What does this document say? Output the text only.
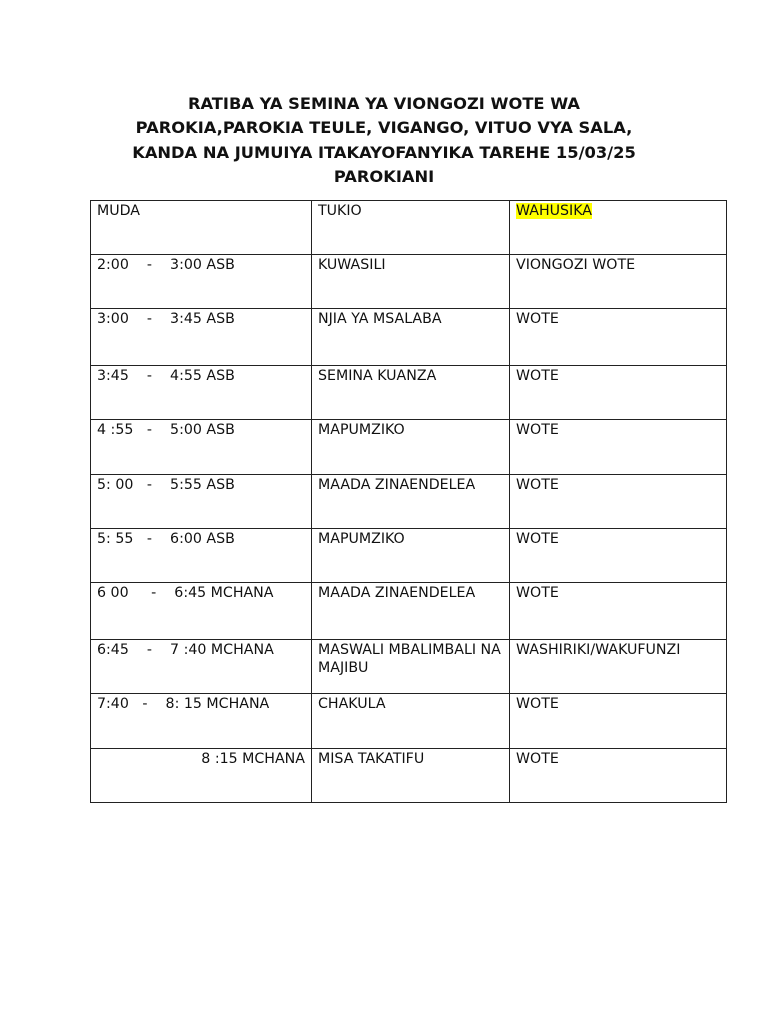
RATIBA YA SEMINA YA VIONGOZI WOTE WA
PAROKIA,PAROKIA TEULE, VIGANGO, VITUO VYA SALA,
KANDA NA JUMUIYA ITAKAYOFANYIKA TAREHE 15/03/25
PAROKIANI
MUDA	TUKIO	WAHUSIKA
2:00    -    3:00 ASB	KUWASILI	VIONGOZI WOTE
3:00    -    3:45 ASB	NJIA YA MSALABA	WOTE
3:45    -    4:55 ASB	SEMINA KUANZA	WOTE
4 :55   -    5:00 ASB	MAPUMZIKO	WOTE
5: 00   -    5:55 ASB	MAADA ZINAENDELEA	WOTE
5: 55   -    6:00 ASB	MAPUMZIKO	WOTE
6 00     -    6:45 MCHANA	MAADA ZINAENDELEA	WOTE
6:45    -    7 :40 MCHANA	MASWALI MBALIMBALI NA MAJIBU	WASHIRIKI/WAKUFUNZI
7:40   -    8: 15 MCHANA	CHAKULA	WOTE
8 :15 MCHANA	MISA TAKATIFU	WOTE
